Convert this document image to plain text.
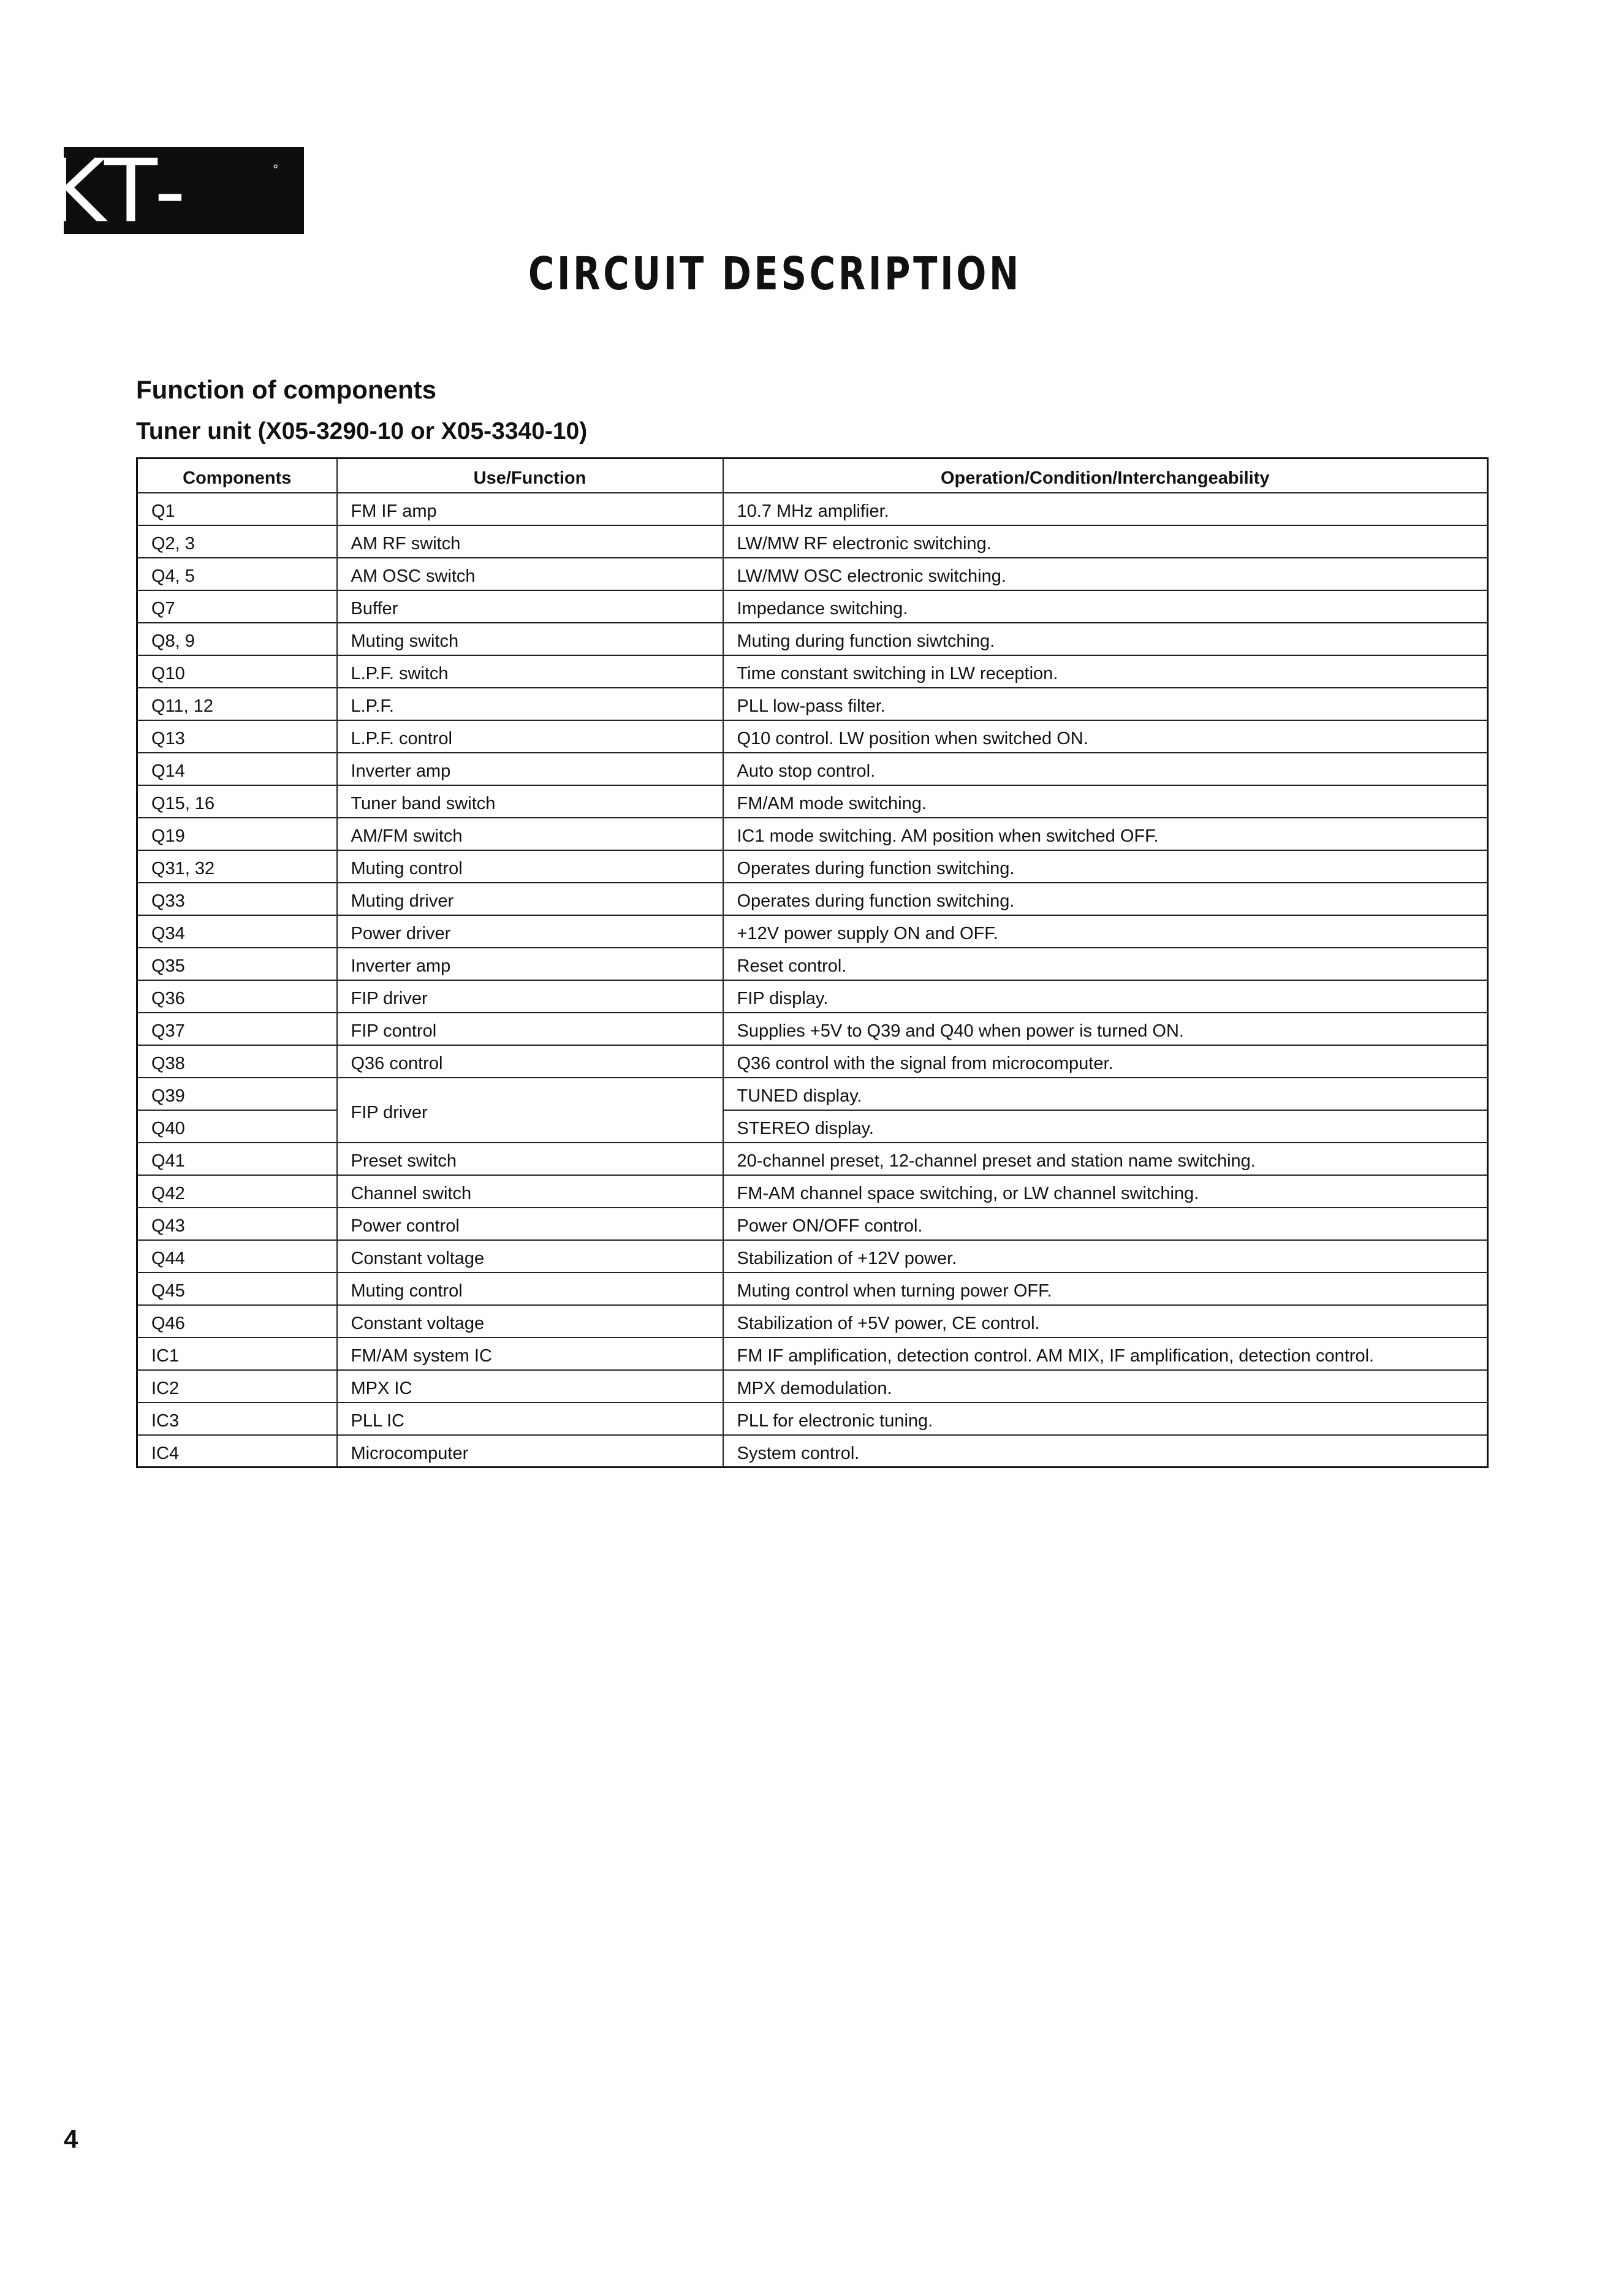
KT-76
°
CIRCUIT DESCRIPTION
Function of components
Tuner unit (X05-3290-10 or X05-3340-10)
Components	Use/Function	Operation/Condition/Interchangeability
Q1	FM IF amp	10.7 MHz amplifier.
Q2, 3	AM RF switch	LW/MW RF electronic switching.
Q4, 5	AM OSC switch	LW/MW OSC electronic switching.
Q7	Buffer	Impedance switching.
Q8, 9	Muting switch	Muting during function siwtching.
Q10	L.P.F. switch	Time constant switching in LW reception.
Q11, 12	L.P.F.	PLL low-pass filter.
Q13	L.P.F. control	Q10 control. LW position when switched ON.
Q14	Inverter amp	Auto stop control.
Q15, 16	Tuner band switch	FM/AM mode switching.
Q19	AM/FM switch	IC1 mode switching. AM position when switched OFF.
Q31, 32	Muting control	Operates during function switching.
Q33	Muting driver	Operates during function switching.
Q34	Power driver	+12V power supply ON and OFF.
Q35	Inverter amp	Reset control.
Q36	FIP driver	FIP display.
Q37	FIP control	Supplies +5V to Q39 and Q40 when power is turned ON.
Q38	Q36 control	Q36 control with the signal from microcomputer.
Q39	FIP driver	TUNED display.
Q40		STEREO display.
Q41	Preset switch	20-channel preset, 12-channel preset and station name switching.
Q42	Channel switch	FM-AM channel space switching, or LW channel switching.
Q43	Power control	Power ON/OFF control.
Q44	Constant voltage	Stabilization of +12V power.
Q45	Muting control	Muting control when turning power OFF.
Q46	Constant voltage	Stabilization of +5V power, CE control.
IC1	FM/AM system IC	FM IF amplification, detection control. AM MIX, IF amplification, detection control.
IC2	MPX IC	MPX demodulation.
IC3	PLL IC	PLL for electronic tuning.
IC4	Microcomputer	System control.
4
